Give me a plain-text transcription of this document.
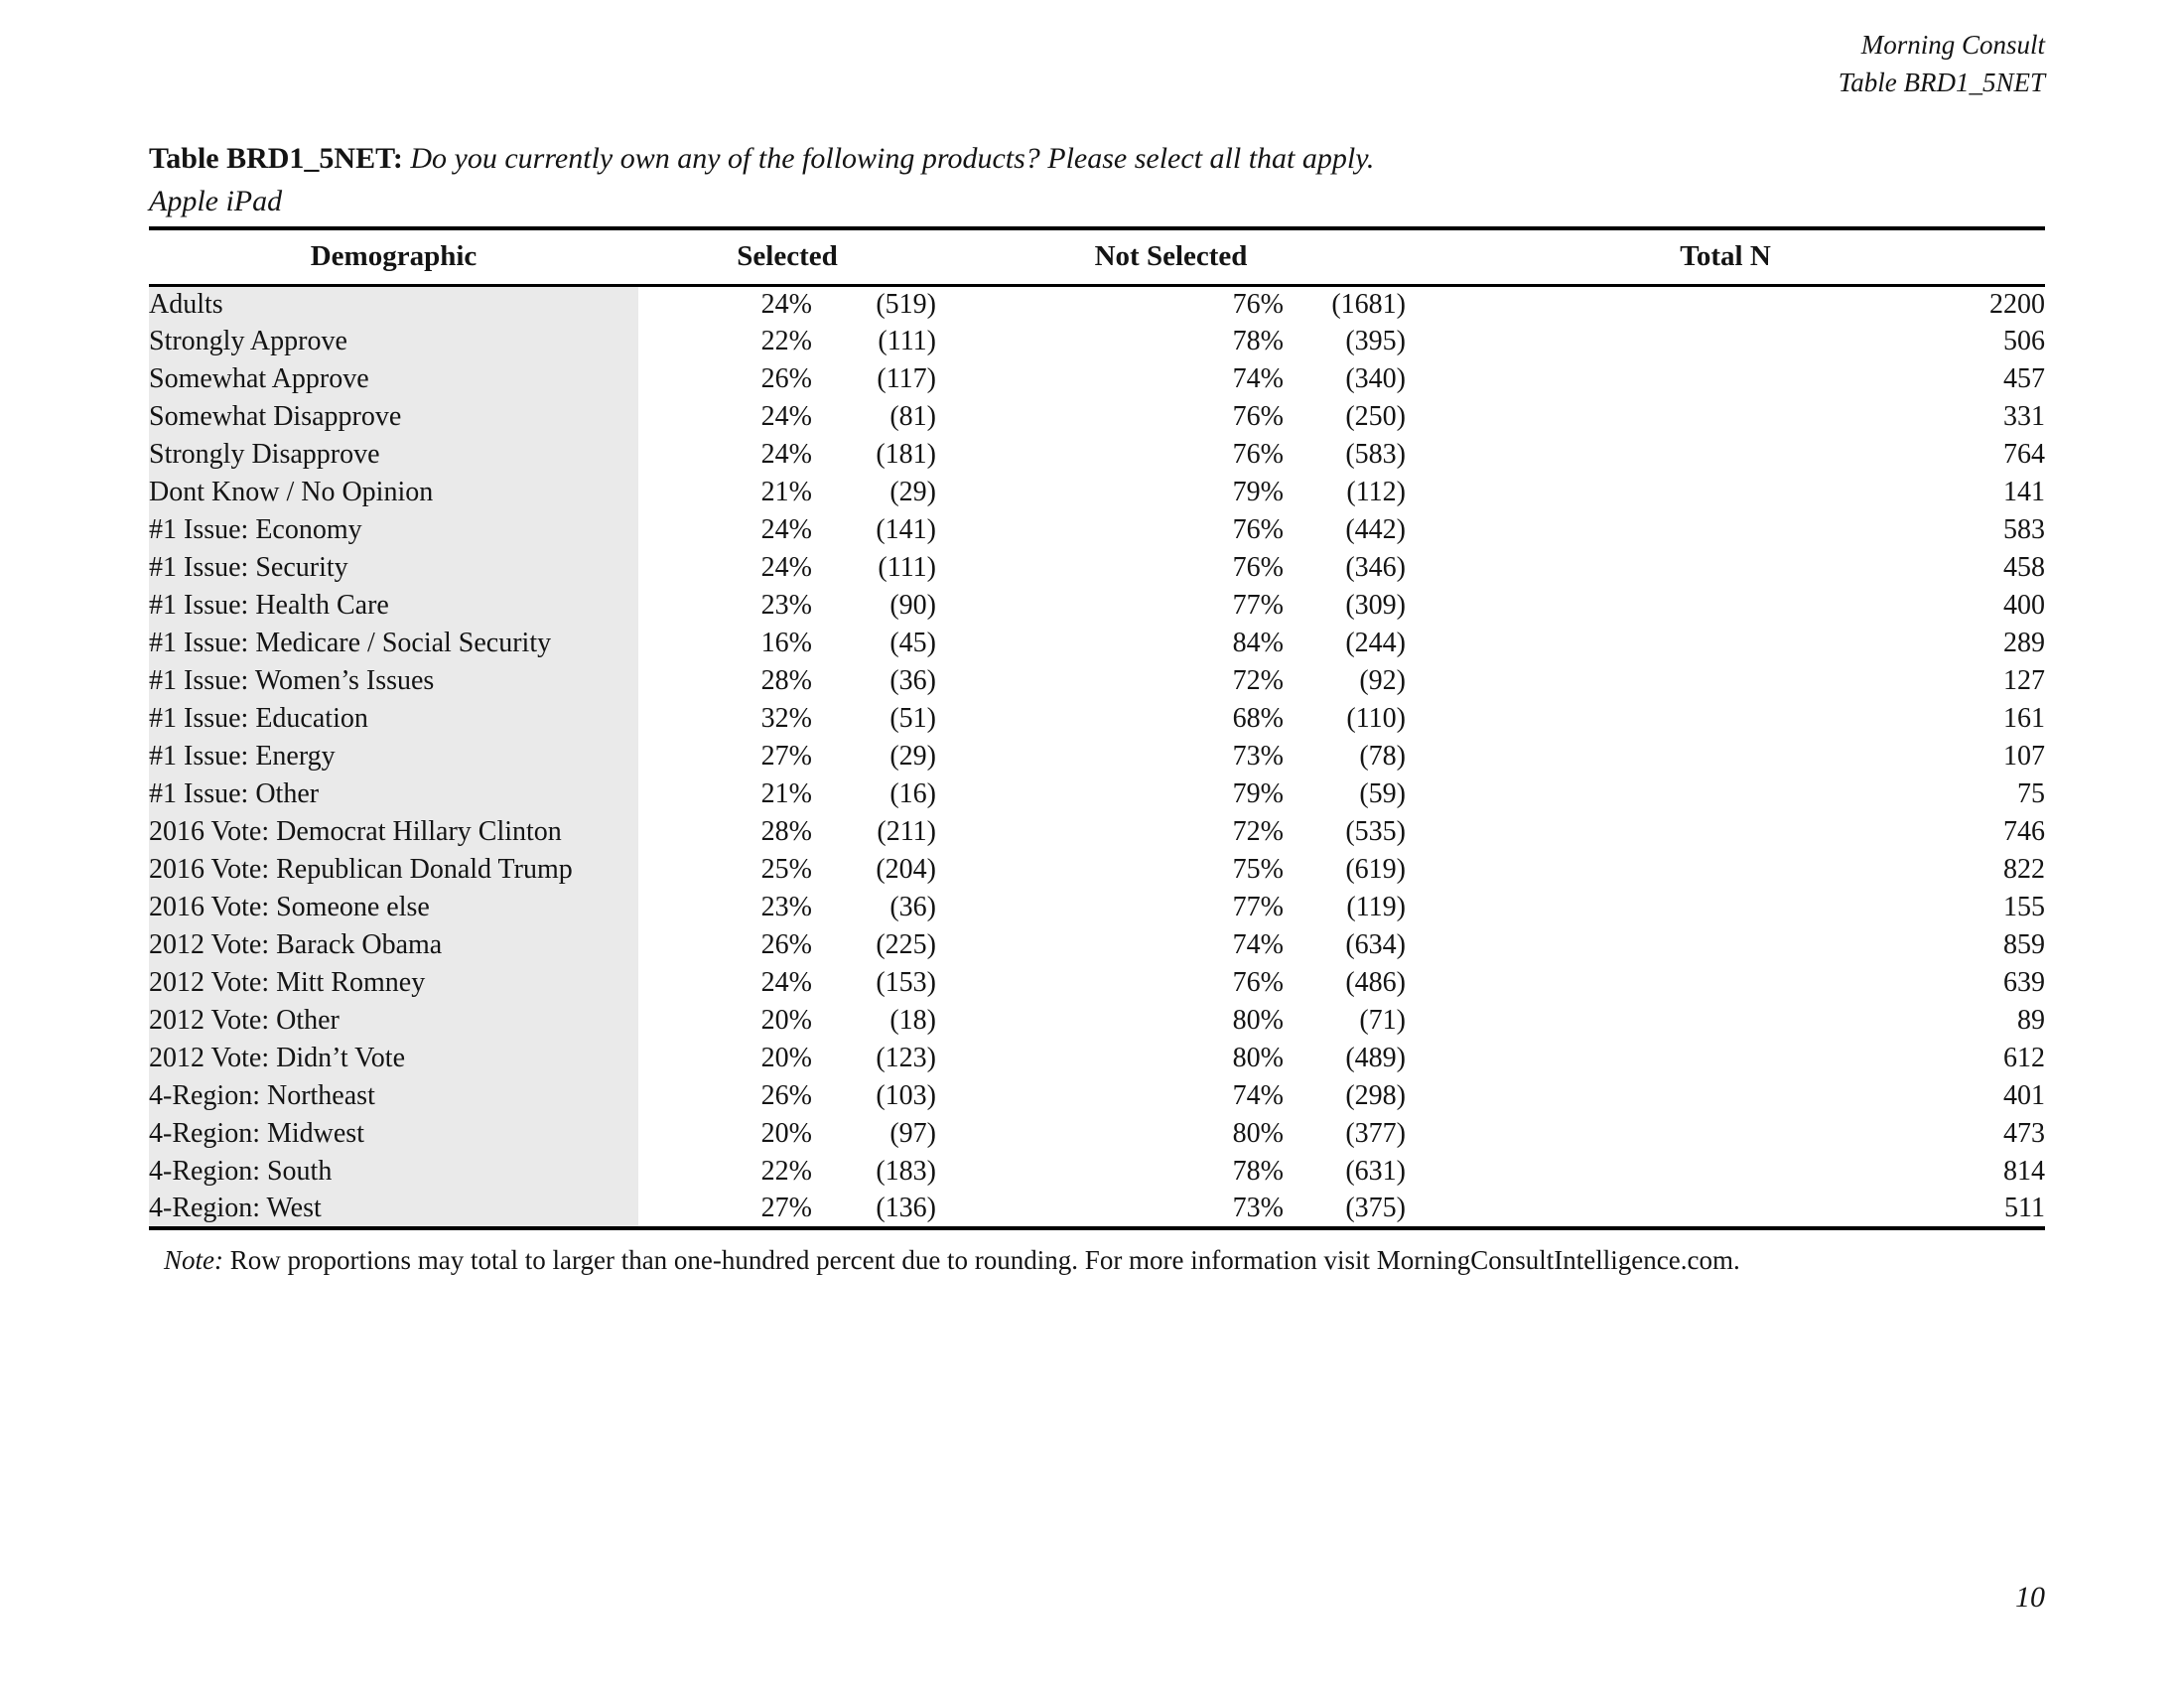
Morning Consult
Table BRD1_5NET
Table BRD1_5NET: Do you currently own any of the following products? Please select all that apply.
Apple iPad
Demographic	Selected		Not Selected		Total N
Adults	24%	(519)	76%	(1681)	2200
Strongly Approve	22%	(111)	78%	(395)	506
Somewhat Approve	26%	(117)	74%	(340)	457
Somewhat Disapprove	24%	(81)	76%	(250)	331
Strongly Disapprove	24%	(181)	76%	(583)	764
Dont Know / No Opinion	21%	(29)	79%	(112)	141
#1 Issue: Economy	24%	(141)	76%	(442)	583
#1 Issue: Security	24%	(111)	76%	(346)	458
#1 Issue: Health Care	23%	(90)	77%	(309)	400
#1 Issue: Medicare / Social Security	16%	(45)	84%	(244)	289
#1 Issue: Women’s Issues	28%	(36)	72%	(92)	127
#1 Issue: Education	32%	(51)	68%	(110)	161
#1 Issue: Energy	27%	(29)	73%	(78)	107
#1 Issue: Other	21%	(16)	79%	(59)	75
2016 Vote: Democrat Hillary Clinton	28%	(211)	72%	(535)	746
2016 Vote: Republican Donald Trump	25%	(204)	75%	(619)	822
2016 Vote: Someone else	23%	(36)	77%	(119)	155
2012 Vote: Barack Obama	26%	(225)	74%	(634)	859
2012 Vote: Mitt Romney	24%	(153)	76%	(486)	639
2012 Vote: Other	20%	(18)	80%	(71)	89
2012 Vote: Didn’t Vote	20%	(123)	80%	(489)	612
4-Region: Northeast	26%	(103)	74%	(298)	401
4-Region: Midwest	20%	(97)	80%	(377)	473
4-Region: South	22%	(183)	78%	(631)	814
4-Region: West	27%	(136)	73%	(375)	511
Note: Row proportions may total to larger than one-hundred percent due to rounding. For more information visit MorningConsultIntelligence.com.
10
